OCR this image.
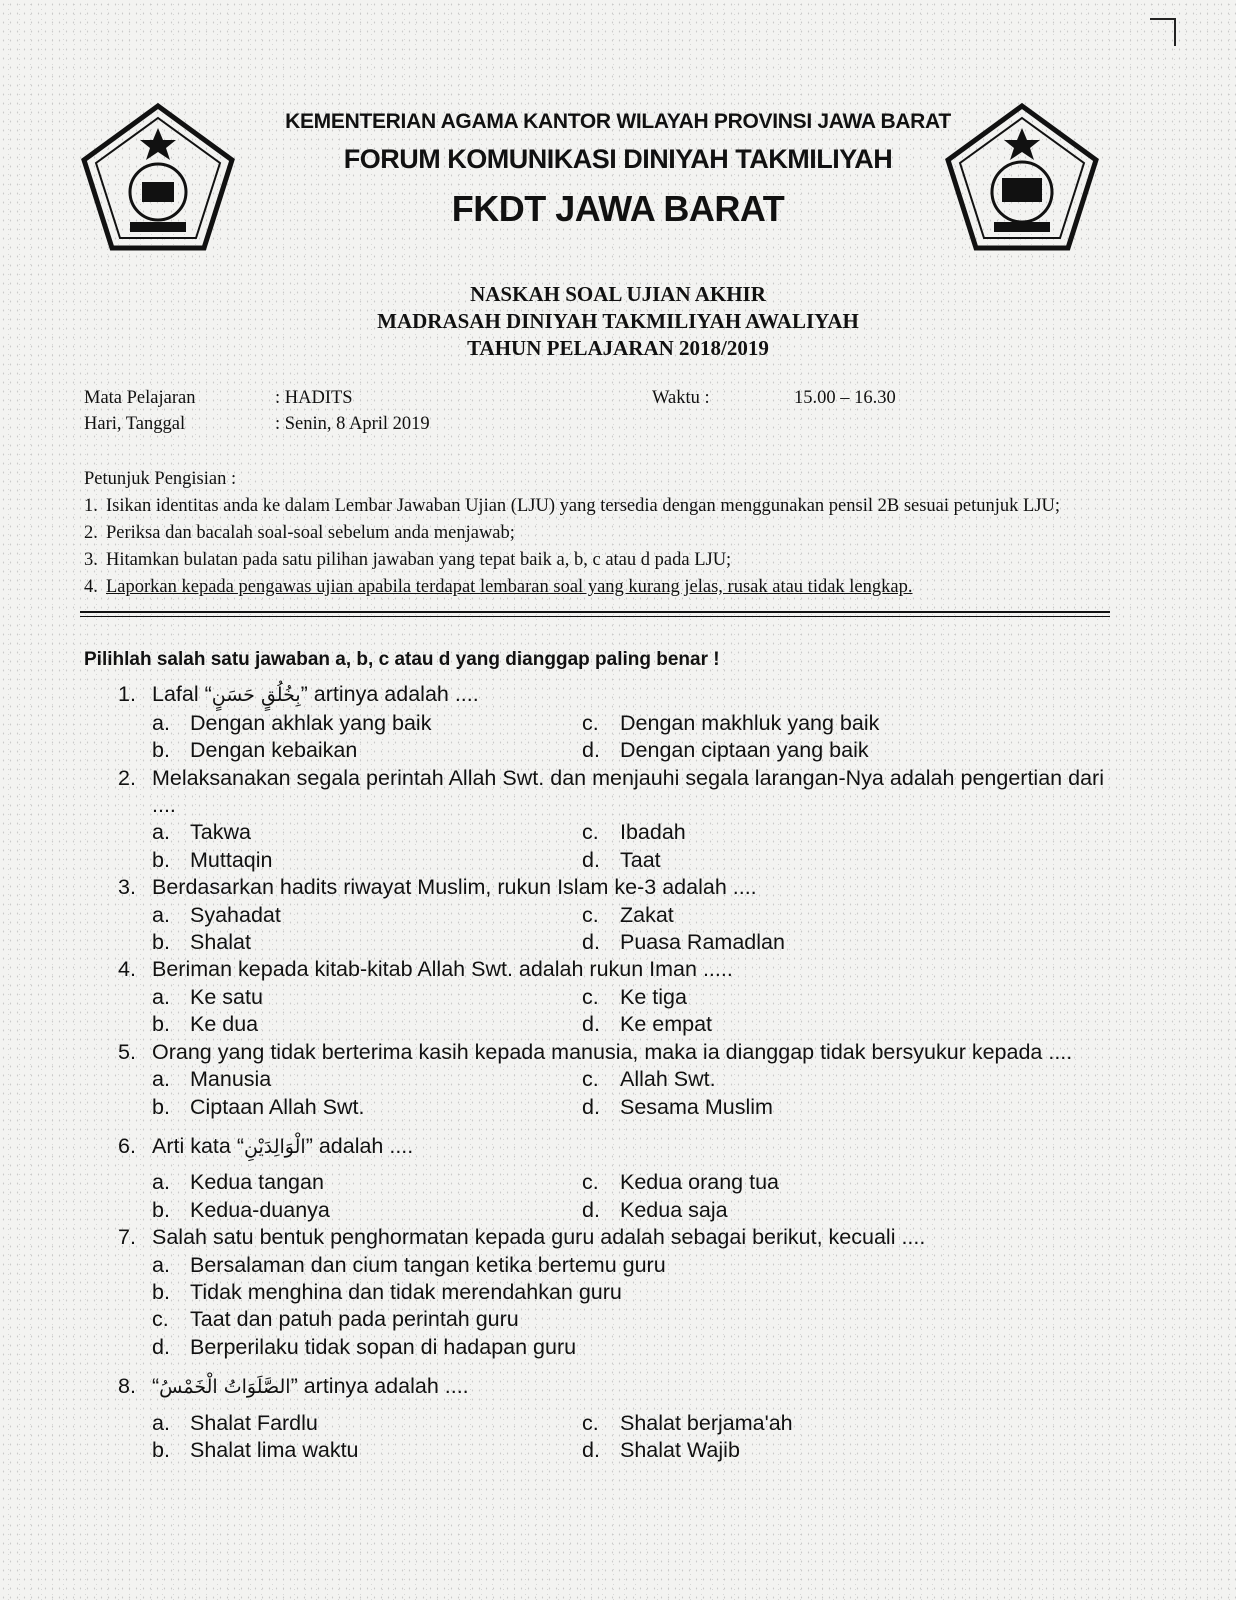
KEMENTERIAN AGAMA KANTOR WILAYAH PROVINSI JAWA BARAT
FORUM KOMUNIKASI DINIYAH TAKMILIYAH
FKDT JAWA BARAT
NASKAH SOAL UJIAN AKHIR
MADRASAH DINIYAH TAKMILIYAH AWALIYAH
TAHUN PELAJARAN 2018/2019
Mata Pelajaran	: HADITS	Waktu :	15.00 – 16.30
Hari, Tanggal	: Senin, 8 April 2019
Petunjuk Pengisian :
1. Isikan identitas anda ke dalam Lembar Jawaban Ujian (LJU) yang tersedia dengan menggunakan pensil 2B sesuai petunjuk LJU;
2. Periksa dan bacalah soal-soal sebelum anda menjawab;
3. Hitamkan bulatan pada satu pilihan jawaban yang tepat baik a, b, c atau d pada LJU;
4. Laporkan kepada pengawas ujian apabila terdapat lembaran soal yang kurang jelas, rusak atau tidak lengkap.
Pilihlah salah satu jawaban a, b, c atau d yang dianggap paling benar !
1. Lafal “بِخُلُقٍ حَسَنٍ” artinya adalah ....
a. Dengan akhlak yang baik	c. Dengan makhluk yang baik
b. Dengan kebaikan	d. Dengan ciptaan yang baik
2. Melaksanakan segala perintah Allah Swt. dan menjauhi segala larangan-Nya adalah pengertian dari ....
a. Takwa	c. Ibadah
b. Muttaqin	d. Taat
3. Berdasarkan hadits riwayat Muslim, rukun Islam ke-3 adalah ....
a. Syahadat	c. Zakat
b. Shalat	d. Puasa Ramadlan
4. Beriman kepada kitab-kitab Allah Swt. adalah rukun Iman .....
a. Ke satu	c. Ke tiga
b. Ke dua	d. Ke empat
5. Orang yang tidak berterima kasih kepada manusia, maka ia dianggap tidak bersyukur kepada ....
a. Manusia	c. Allah Swt.
b. Ciptaan Allah Swt.	d. Sesama Muslim
6. Arti kata “الْوَالِدَيْنِ” adalah ....
a. Kedua tangan	c. Kedua orang tua
b. Kedua-duanya	d. Kedua saja
7. Salah satu bentuk penghormatan kepada guru adalah sebagai berikut, kecuali ....
a. Bersalaman dan cium tangan ketika bertemu guru
b. Tidak menghina dan tidak merendahkan guru
c. Taat dan patuh pada perintah guru
d. Berperilaku tidak sopan di hadapan guru
8. “الصَّلَوَاتُ الْخَمْسُ” artinya adalah ....
a. Shalat Fardlu	c. Shalat berjama'ah
b. Shalat lima waktu	d. Shalat Wajib
